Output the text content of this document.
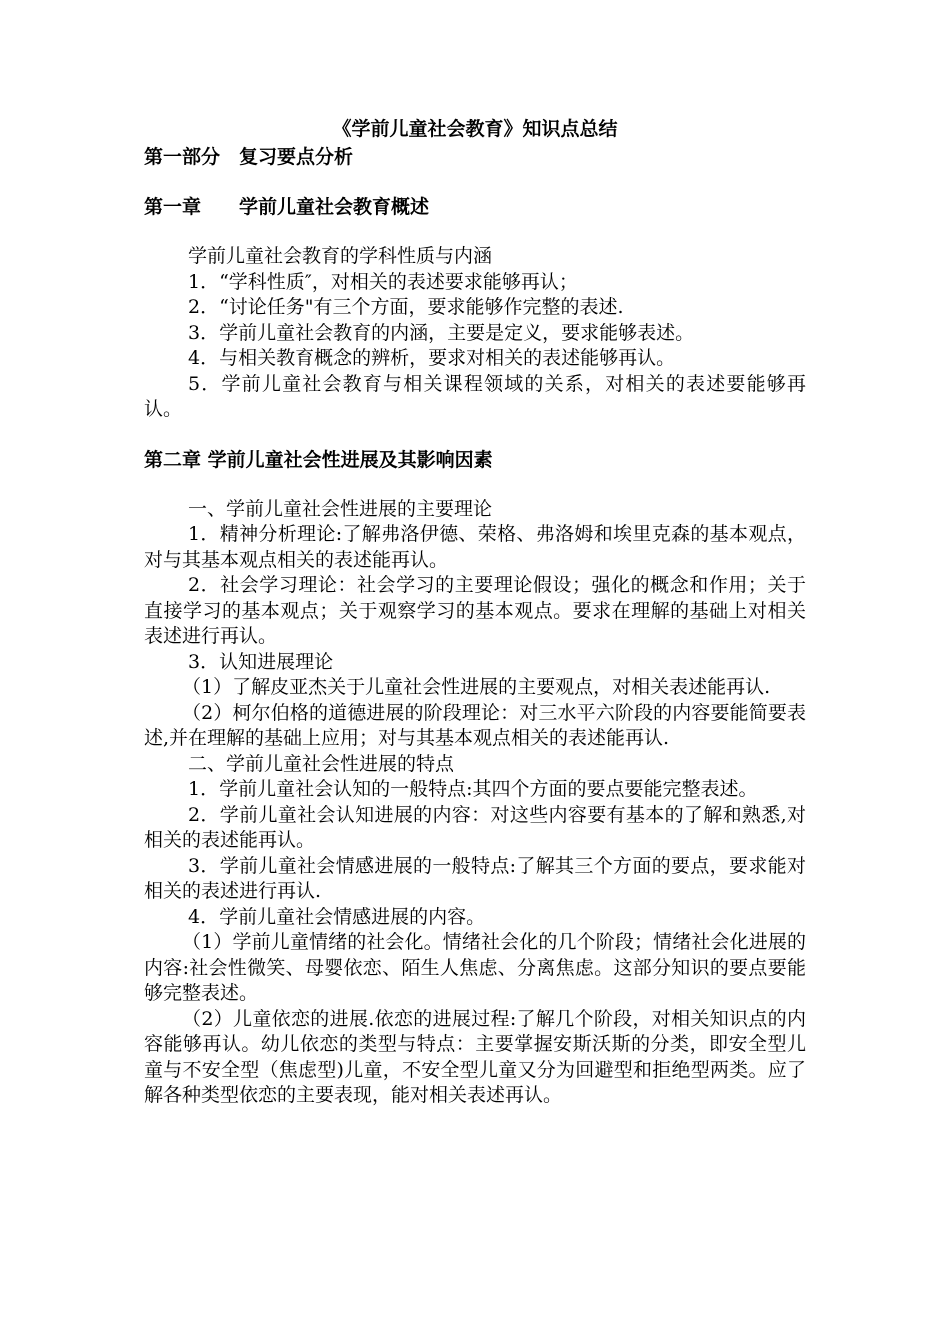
《学前儿童社会教育》知识点总结
第一部分　复习要点分析
第一章　　学前儿童社会教育概述

学前儿童社会教育的学科性质与内涵

1．“学科性质″，对相关的表述要求能够再认；

2．“讨论任务"有三个方面，要求能够作完整的表述.

3．学前儿童社会教育的内涵，主要是定义，要求能够表述。

4．与相关教育概念的辨析，要求对相关的表述能够再认。

5．学前儿童社会教育与相关课程领域的关系，对相关的表述要能够再认。

第二章 学前儿童社会性进展及其影响因素

一、学前儿童社会性进展的主要理论

1．精神分析理论:了解弗洛伊德、荣格、弗洛姆和埃里克森的基本观点，对与其基本观点相关的表述能再认。

2．社会学习理论：社会学习的主要理论假设；强化的概念和作用；关于直接学习的基本观点；关于观察学习的基本观点。要求在理解的基础上对相关表述进行再认。

3．认知进展理论

（1）了解皮亚杰关于儿童社会性进展的主要观点，对相关表述能再认.

（2）柯尔伯格的道德进展的阶段理论：对三水平六阶段的内容要能简要表述,并在理解的基础上应用；对与其基本观点相关的表述能再认.

二、学前儿童社会性进展的特点

1．学前儿童社会认知的一般特点:其四个方面的要点要能完整表述。

2．学前儿童社会认知进展的内容：对这些内容要有基本的了解和熟悉,对相关的表述能再认。

3．学前儿童社会情感进展的一般特点:了解其三个方面的要点，要求能对相关的表述进行再认.

4．学前儿童社会情感进展的内容。

（1）学前儿童情绪的社会化。情绪社会化的几个阶段；情绪社会化进展的内容:社会性微笑、母婴依恋、陌生人焦虑、分离焦虑。这部分知识的要点要能够完整表述。

（2）儿童依恋的进展.依恋的进展过程:了解几个阶段，对相关知识点的内容能够再认。幼儿依恋的类型与特点：主要掌握安斯沃斯的分类，即安全型儿童与不安全型（焦虑型)儿童，不安全型儿童又分为回避型和拒绝型两类。应了解各种类型依恋的主要表现，能对相关表述再认。
